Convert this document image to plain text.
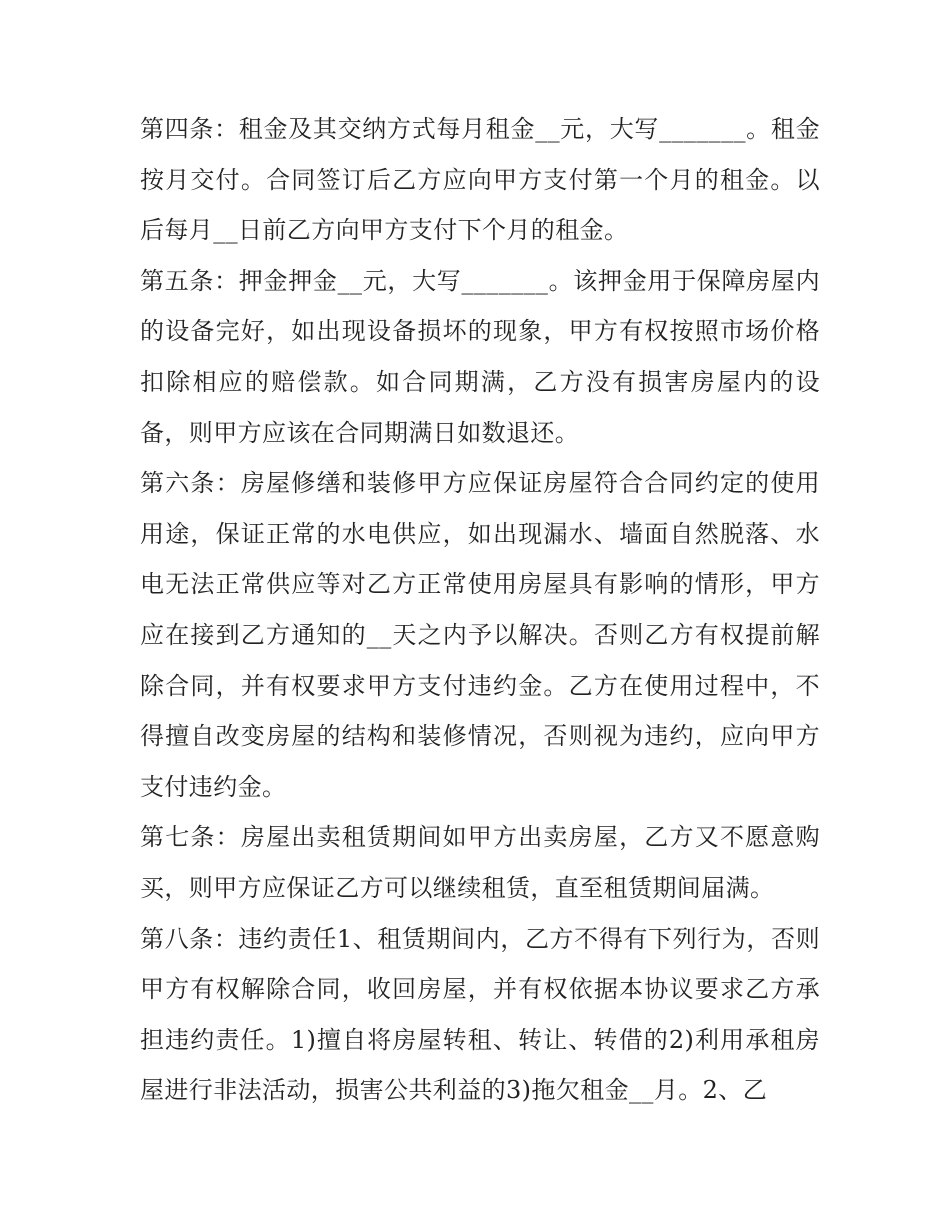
第四条：租金及其交纳方式每月租金__元，大写_______。租金按月交付。合同签订后乙方应向甲方支付第一个月的租金。以后每月__日前乙方向甲方支付下个月的租金。

第五条：押金押金__元，大写_______。该押金用于保障房屋内的设备完好，如出现设备损坏的现象，甲方有权按照市场价格扣除相应的赔偿款。如合同期满，乙方没有损害房屋内的设备，则甲方应该在合同期满日如数退还。

第六条：房屋修缮和装修甲方应保证房屋符合合同约定的使用用途，保证正常的水电供应，如出现漏水、墙面自然脱落、水电无法正常供应等对乙方正常使用房屋具有影响的情形，甲方应在接到乙方通知的__天之内予以解决。否则乙方有权提前解除合同，并有权要求甲方支付违约金。乙方在使用过程中，不得擅自改变房屋的结构和装修情况，否则视为违约，应向甲方支付违约金。

第七条：房屋出卖租赁期间如甲方出卖房屋，乙方又不愿意购买，则甲方应保证乙方可以继续租赁，直至租赁期间届满。

第八条：违约责任1、租赁期间内，乙方不得有下列行为，否则甲方有权解除合同，收回房屋，并有权依据本协议要求乙方承担违约责任。1)擅自将房屋转租、转让、转借的2)利用承租房屋进行非法活动，损害公共利益的3)拖欠租金__月。2、乙
